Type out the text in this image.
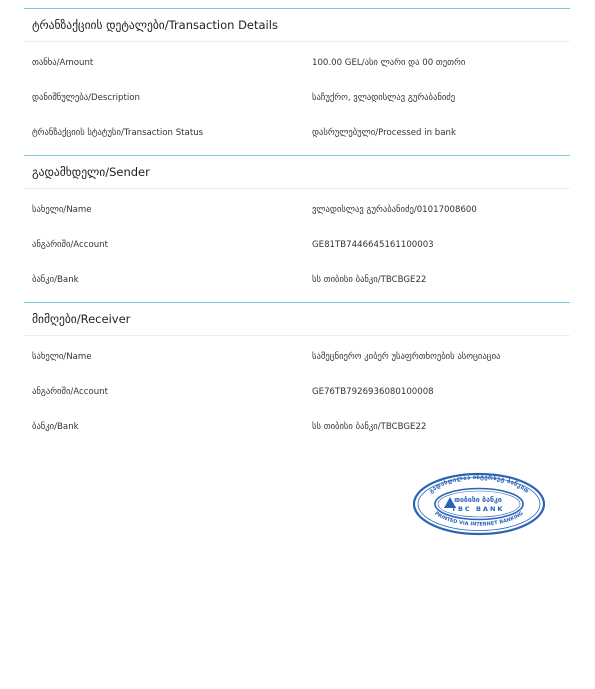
ტრანზაქციის დეტალები/Transaction Details
თანხა/Amount	100.00 GEL/ასი ლარი და 00 თეთრი
დანიშნულება/Description	საჩუქრო, ვლადისლავ გურაბანიძე
ტრანზაქციის სტატუსი/Transaction Status	დასრულებული/Processed in bank
გადამხდელი/Sender
სახელი/Name	ვლადისლავ გურაბანიძე/01017008600
ანგარიში/Account	GE81TB7446645161100003
ბანკი/Bank	სს თიბისი ბანკი/TBCBGE22
მიმღები/Receiver
სახელი/Name	სამეცნიერო კიბერ უსაფრთხოების ასოციაცია
ანგარიში/Account	GE76TB7926936080100008
ბანკი/Bank	სს თიბისი ბანკი/TBCBGE22
გადახდილია ინტერნეტ ბანკით
PRINTED VIA INTERNET BANKING
თიბისი ბანკი
TBC BANK
